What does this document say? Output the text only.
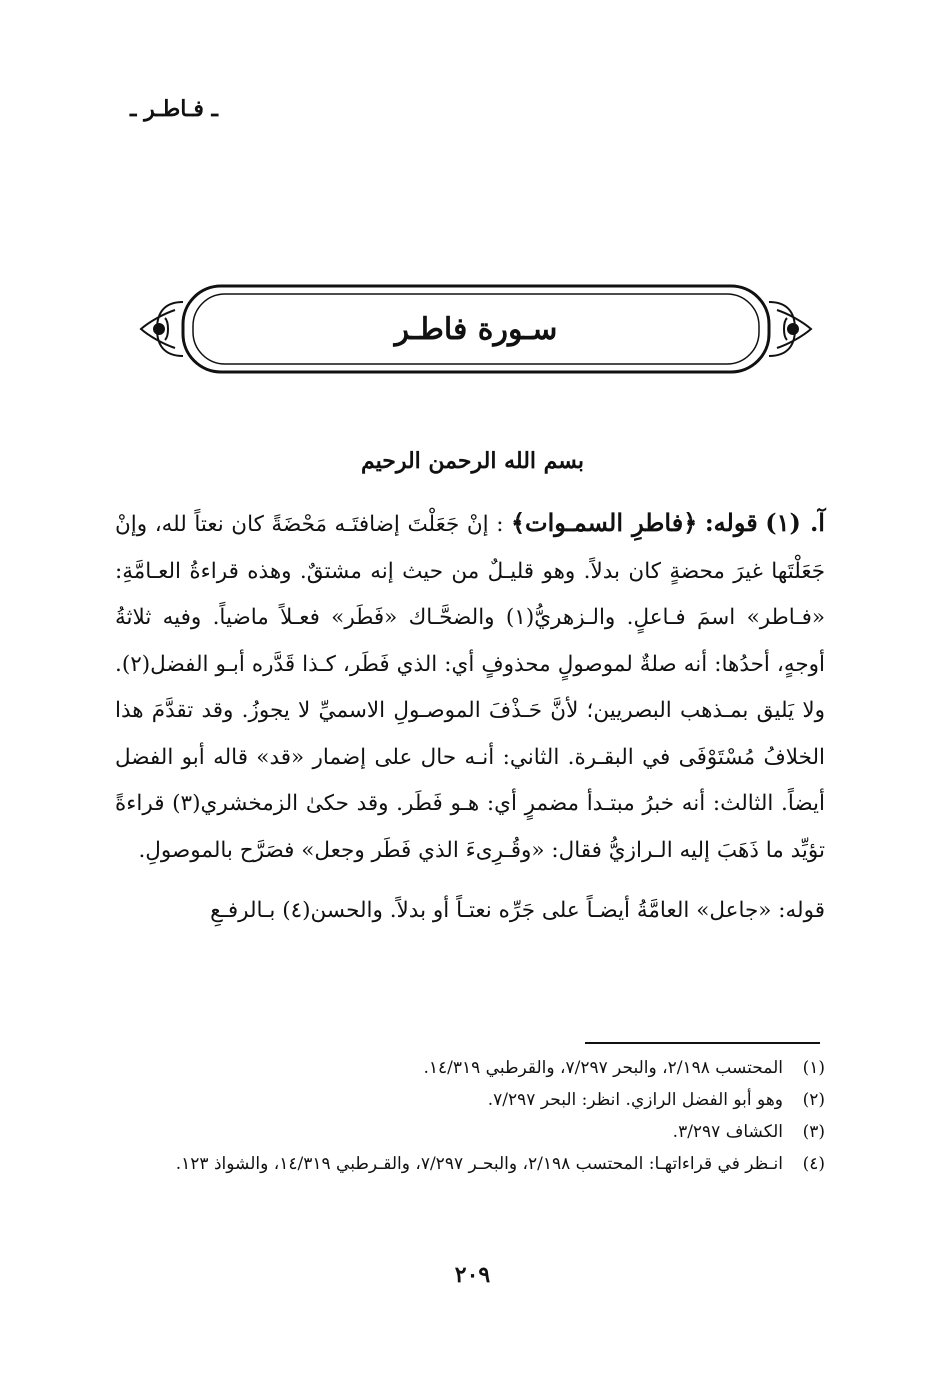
ـ فـاطـر ـ
سـورة فاطـر
بسم الله الرحمن الرحيم

آ. (١) قوله: ﴿فاطرِ السمـوات﴾ : إنْ جَعَلْتَ إضافتَـه مَحْضَةً كان نعتاً لله، وإنْ جَعَلْتَها غيرَ محضةٍ كان بدلاً. وهو قليـلٌ من حيث إنه مشتقٌ. وهذه قراءةُ العـامَّةِ: «فـاطر» اسمَ فـاعلٍ. والـزهريُّ(١) والضحَّـاك «فَطَر» فعـلاً ماضياً. وفيه ثلاثةُ أوجهٍ، أحدُها: أنه صلةٌ لموصولٍ محذوفٍ أي: الذي فَطَر، كـذا قَدَّره أبـو الفضل(٢). ولا يَليق بمـذهب البصريين؛ لأنَّ حَـذْفَ الموصـولِ الاسميِّ لا يجوزُ. وقد تقدَّمَ هذا الخلافُ مُسْتَوْفَى في البقـرة. الثاني: أنـه حال على إضمار «قد» قاله أبو الفضل أيضاً. الثالث: أنه خبرُ مبتـدأ مضمرٍ أي: هـو فَطَر. وقد حكىٰ الزمخشري(٣) قراءةً تؤيِّد ما ذَهَبَ إليه الـرازيُّ فقال: «وقُـرِىءَ الذي فَطَر وجعل» فصَرَّح بالموصولِ.

قوله: «جاعل» العامَّةُ أيضـاً على جَرِّه نعتـاً أو بدلاً. والحسن(٤) بـالرفـعِ

(١)
المحتسب ٢/١٩٨، والبحر ٧/٢٩٧، والقرطبي ١٤/٣١٩.
(٢)
وهو أبو الفضل الرازي. انظر: البحر ٧/٢٩٧.
(٣)
الكشاف ٣/٢٩٧.
(٤)
انـظر في قراءاتهـا: المحتسب ٢/١٩٨، والبحـر ٧/٢٩٧، والقـرطبي ١٤/٣١٩، والشواذ ١٢٣.
٢٠٩
